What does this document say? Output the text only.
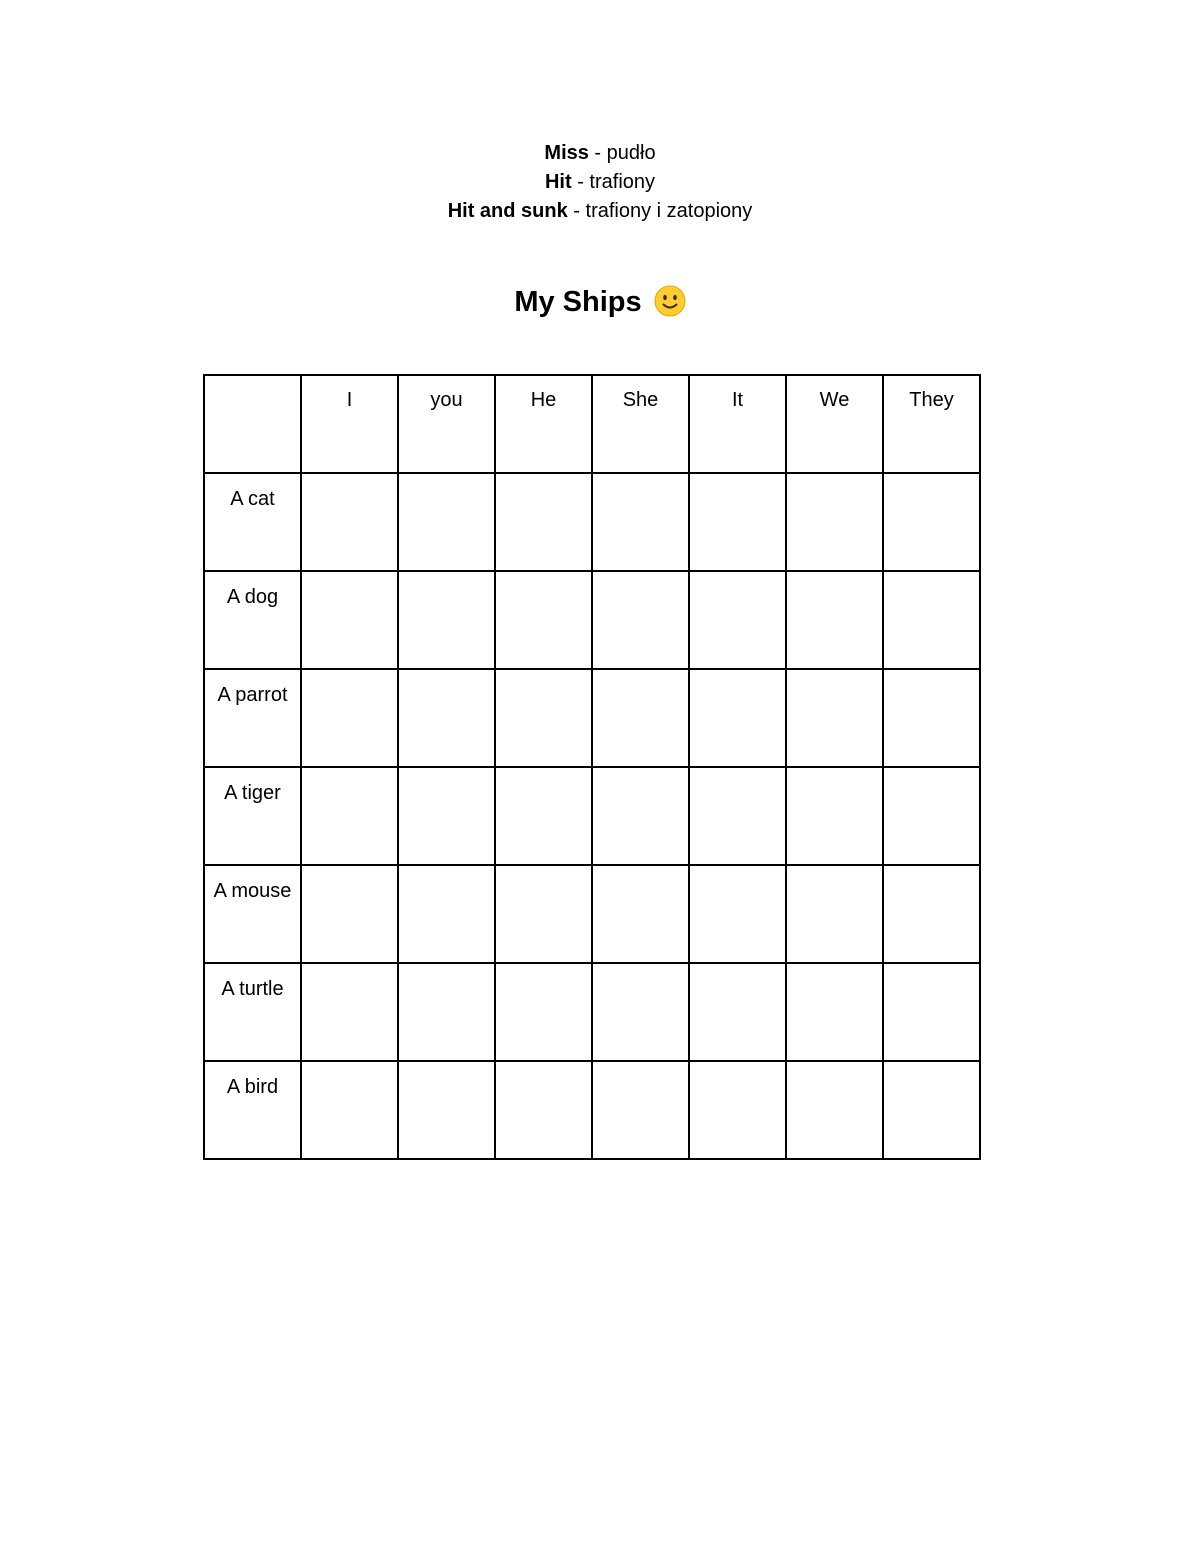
Miss - pudło
Hit - trafiony
Hit and sunk - trafiony i zatopiony
My Ships

	I	you	He	She	It	We	They

A cat							

A dog							

A parrot							

A tiger							

A mouse							

A turtle							

A bird							
